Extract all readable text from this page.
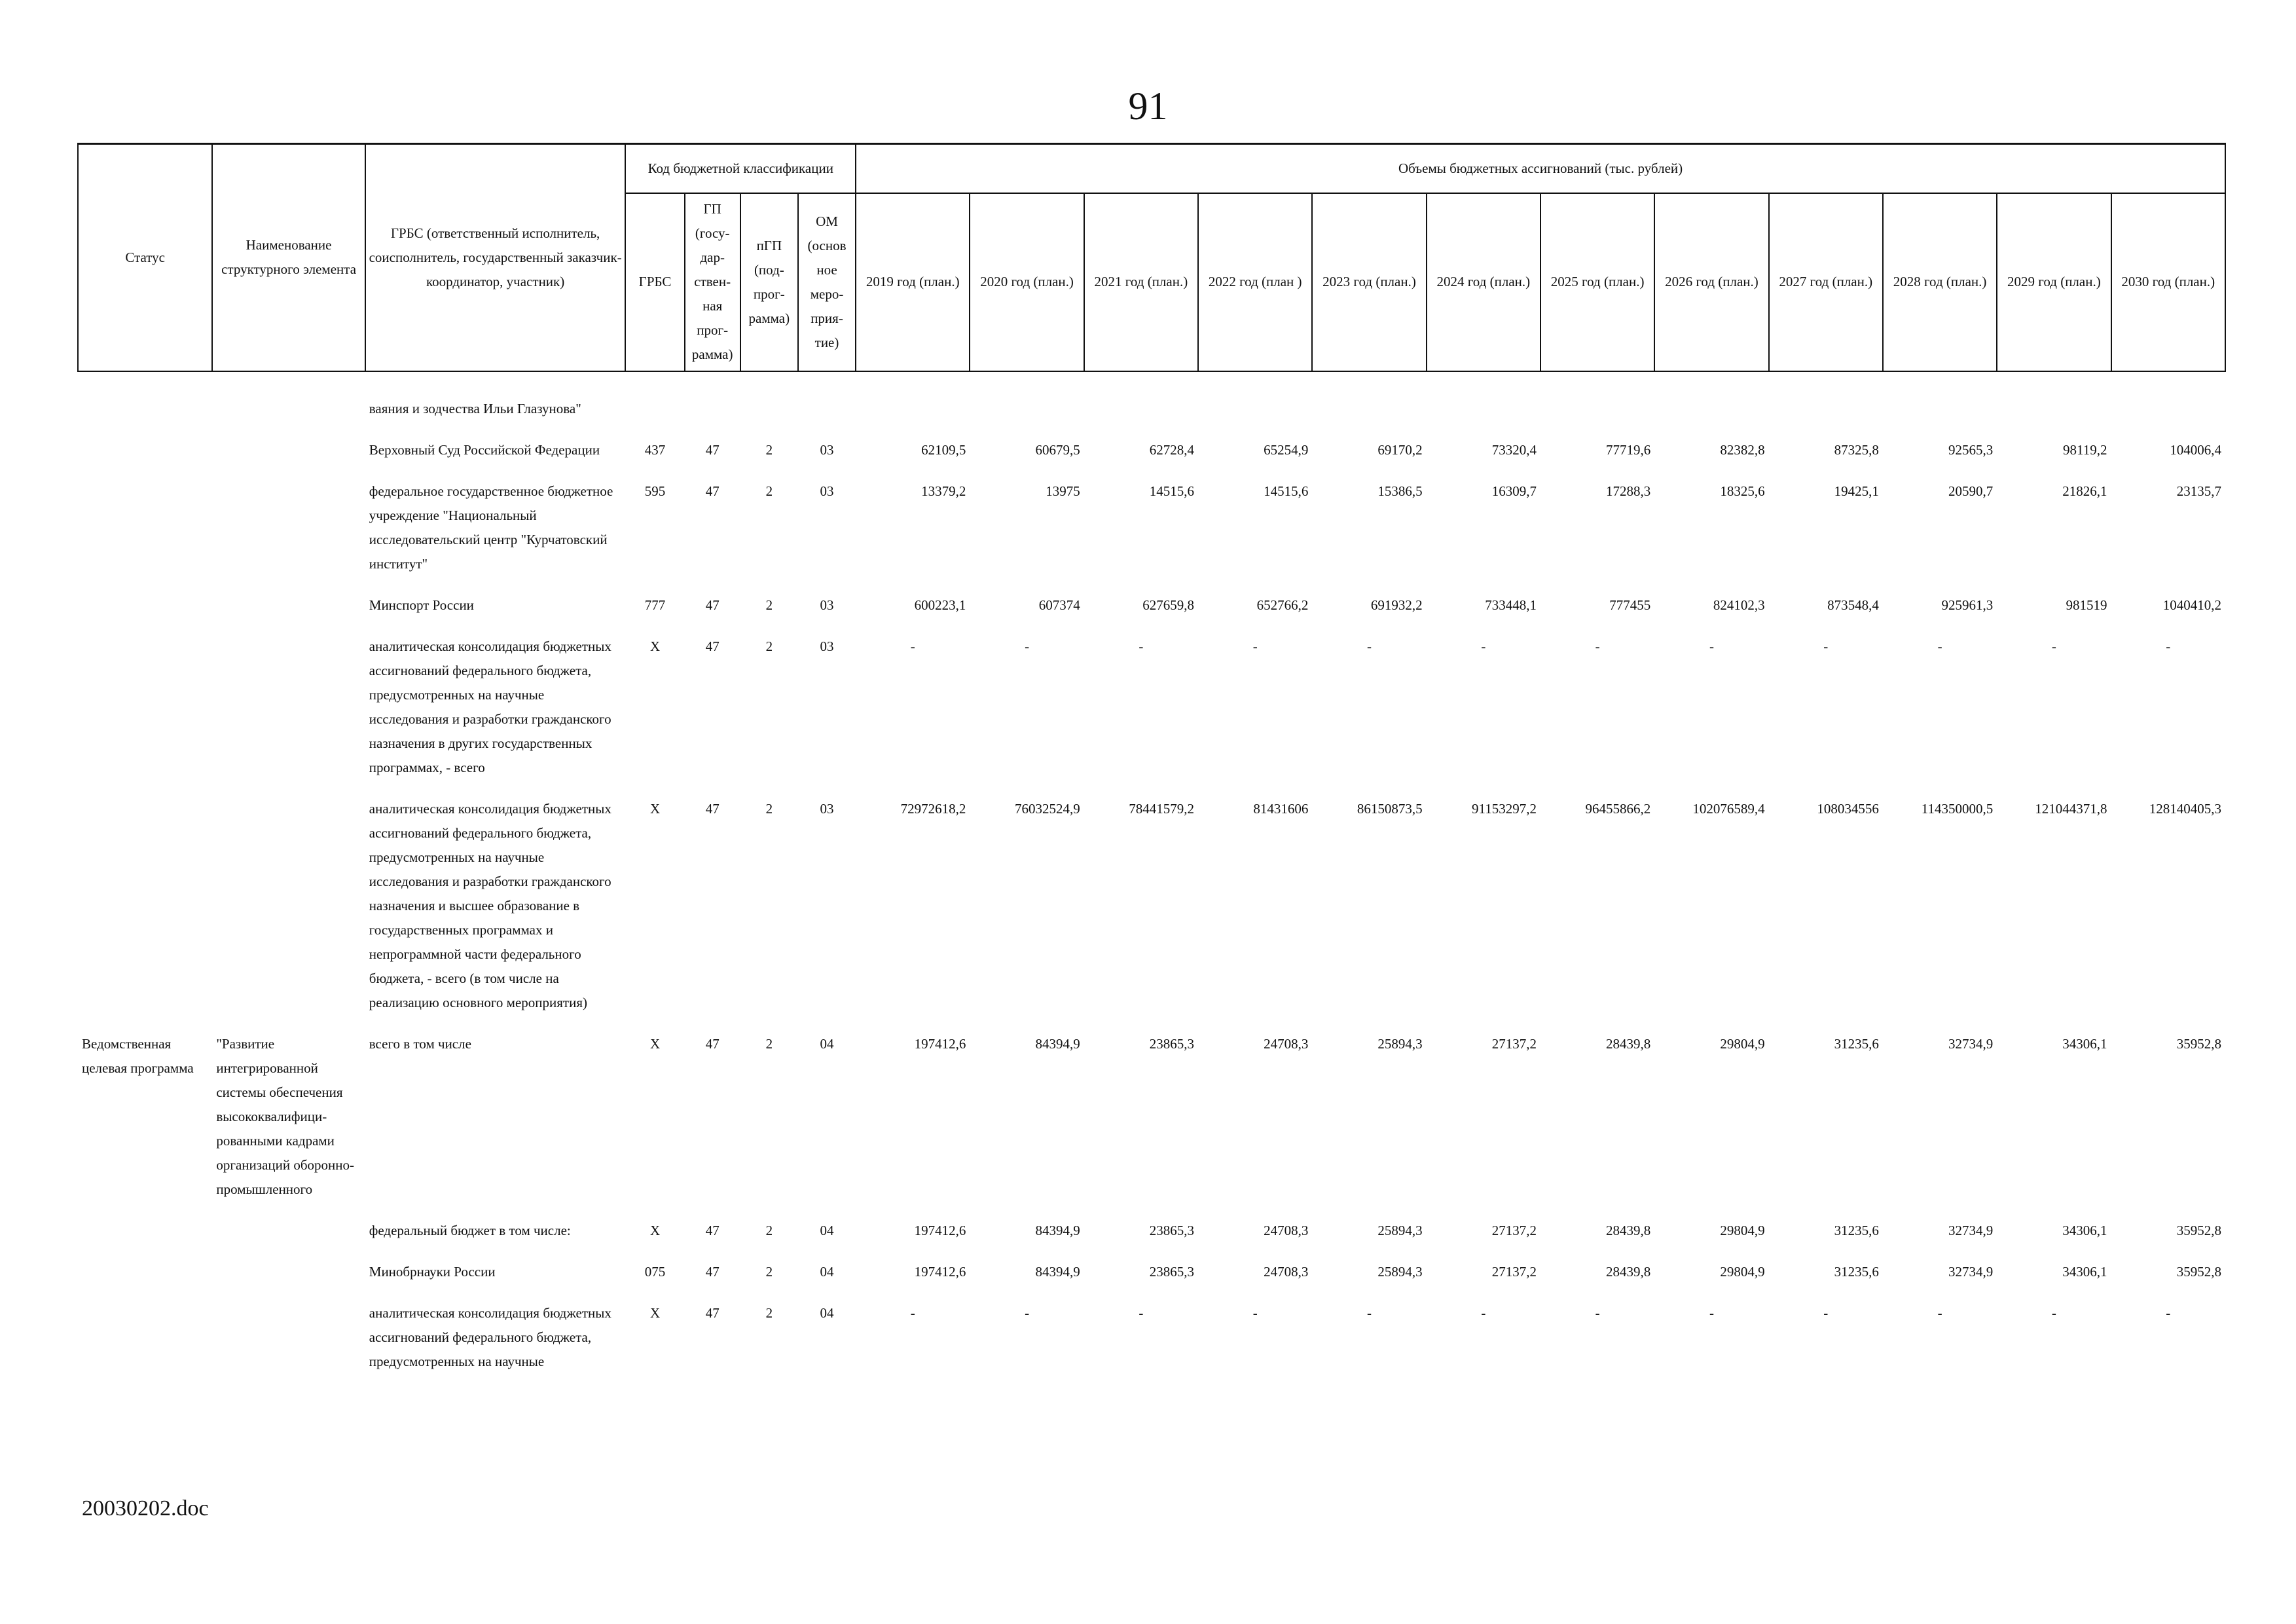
91
Статус	Наименование структурного элемента	ГРБС (ответственный исполнитель, соисполнитель, государственный заказчик-координатор, участник)	Код бюджетной классификации				Объемы бюджетных ассигнований (тыс. рублей)											
			ГРБС	ГП (госу-дар-ствен-ная прог-рамма)	пГП (под-прог-рамма)	ОМ (основ ное меро-прия-тие)	2019 год (план.)	2020 год (план.)	2021 год (план.)	2022 год (план )	2023 год (план.)	2024 год (план.)	2025 год (план.)	2026 год (план.)	2027 год (план.)	2028 год (план.)	2029 год (план.)	2030 год (план.)
		ваяния и зодчества Ильи Глазунова"																
		Верховный Суд Российской Федерации	437	47	2	03	62109,5	60679,5	62728,4	65254,9	69170,2	73320,4	77719,6	82382,8	87325,8	92565,3	98119,2	104006,4
		федеральное государственное бюджетное учреждение "Национальный исследовательский центр "Курчатовский институт"	595	47	2	03	13379,2	13975	14515,6	14515,6	15386,5	16309,7	17288,3	18325,6	19425,1	20590,7	21826,1	23135,7
		Минспорт России	777	47	2	03	600223,1	607374	627659,8	652766,2	691932,2	733448,1	777455	824102,3	873548,4	925961,3	981519	1040410,2
		аналитическая консолидация бюджетных ассигнований федерального бюджета, предусмотренных на научные исследования и разработки гражданского назначения в других государственных программах, - всего	Х	47	2	03	-	-	-	-	-	-	-	-	-	-	-	-
		аналитическая консолидация бюджетных ассигнований федерального бюджета, предусмотренных на научные исследования и разработки гражданского назначения и высшее образование в государственных программах и непрограммной части федерального бюджета, - всего (в том числе на реализацию основного мероприятия)	Х	47	2	03	72972618,2	76032524,9	78441579,2	81431606	86150873,5	91153297,2	96455866,2	102076589,4	108034556	114350000,5	121044371,8	128140405,3
Ведомственная целевая программа	"Развитие интегрированной системы обеспечения высококвалифици-рованными кадрами организаций оборонно-промышленного	всего в том числе	Х	47	2	04	197412,6	84394,9	23865,3	24708,3	25894,3	27137,2	28439,8	29804,9	31235,6	32734,9	34306,1	35952,8
		федеральный бюджет в том числе:	Х	47	2	04	197412,6	84394,9	23865,3	24708,3	25894,3	27137,2	28439,8	29804,9	31235,6	32734,9	34306,1	35952,8
		Минобрнауки России	075	47	2	04	197412,6	84394,9	23865,3	24708,3	25894,3	27137,2	28439,8	29804,9	31235,6	32734,9	34306,1	35952,8
		аналитическая консолидация бюджетных ассигнований федерального бюджета, предусмотренных на научные	Х	47	2	04	-	-	-	-	-	-	-	-	-	-	-	-
20030202.doc
